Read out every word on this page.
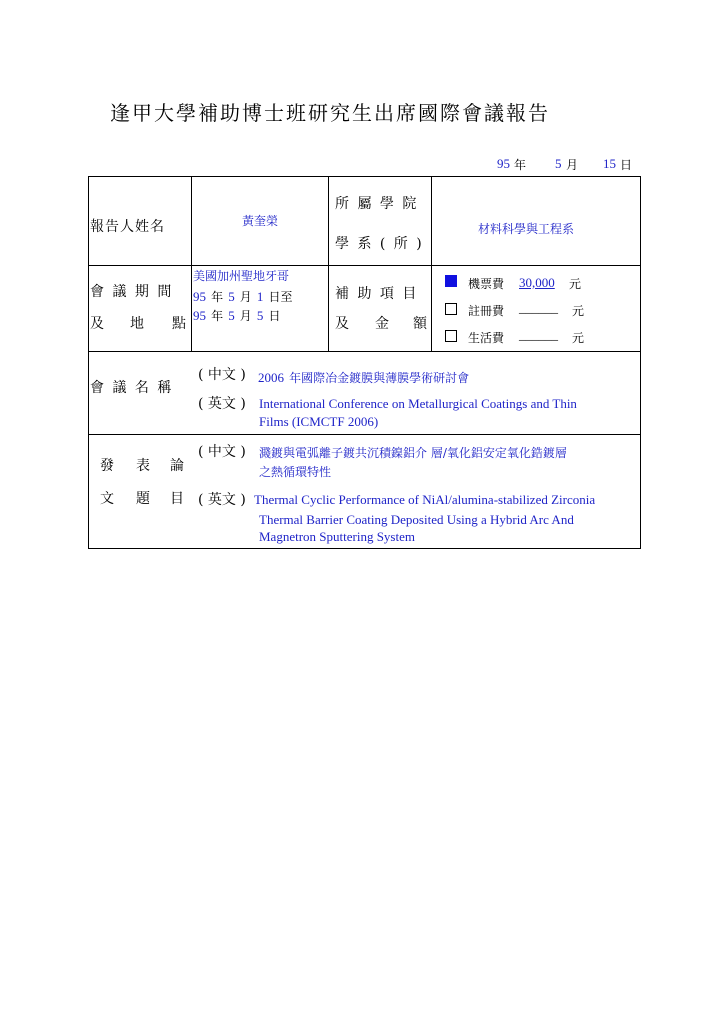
逢甲大學補助博士班研究生出席國際會議報告
95 年 5 月 15 日
報告人姓名	黃奎榮
所 屬 學 院
學 系 ( 所 )
材料科學與工程系
會 議 期 間
及 地 點
美國加州聖地牙哥
95 年 5 月 1 日至
95 年 5 月 5 日
補 助 項 目
及 金 額
機票費 30,000 元
註冊費 ______ 元
生活費 ______ 元
會 議 名 稱
( 中文 ) 2006 年國際冶金鍍膜與薄膜學術研討會
( 英文 ) International Conference on Metallurgical Coatings and Thin
Films (ICMCTF 2006)
發 表 論
文 題 目
( 中文 ) 濺鍍與電弧離子鍍共沉積鎳鋁介 層/氧化鋁安定氧化鋯鍍層
之熱循環特性
( 英文 ) Thermal Cyclic Performance of NiAl/alumina-stabilized Zirconia
Thermal Barrier Coating Deposited Using a Hybrid Arc And
Magnetron Sputtering System
